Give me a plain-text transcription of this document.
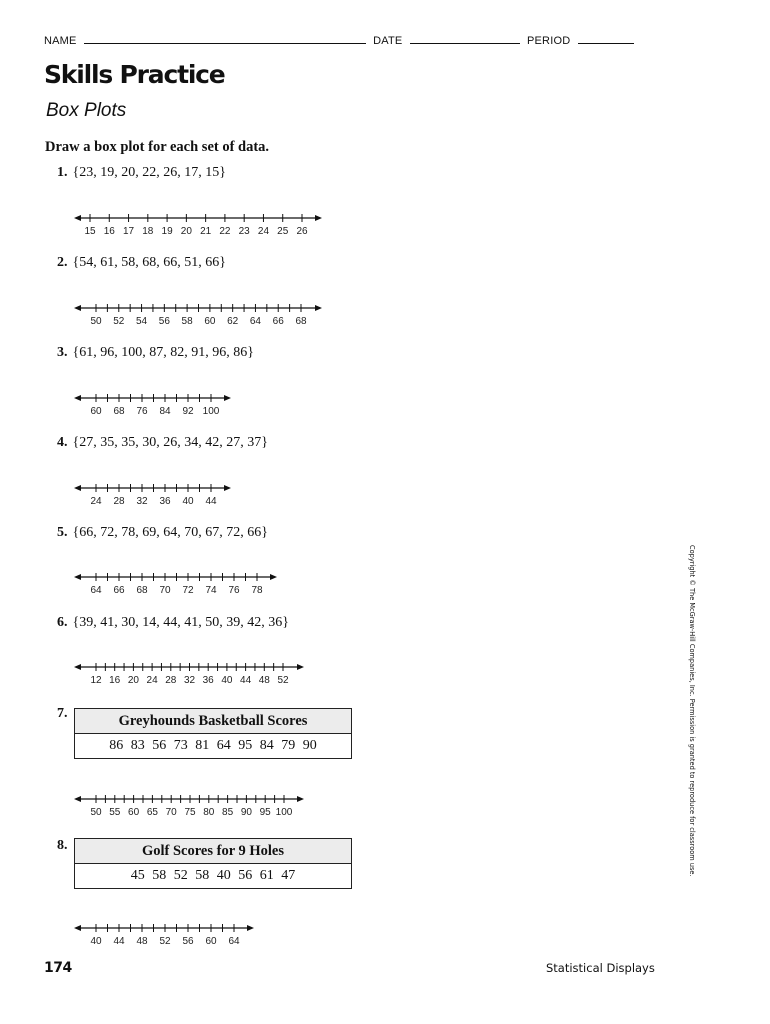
NAME	DATE	PERIOD
Skills Practice
Box Plots
Draw a box plot for each set of data.
1. {23, 19, 20, 22, 26, 17, 15}
15 16 17 18 19 20 21 22 23 24 25 26
2. {54, 61, 58, 68, 66, 51, 66}
50 52 54 56 58 60 62 64 66 68
3. {61, 96, 100, 87, 82, 91, 96, 86}
60 68 76 84 92 100
4. {27, 35, 35, 30, 26, 34, 42, 27, 37}
24 28 32 36 40 44
5. {66, 72, 78, 69, 64, 70, 67, 72, 66}
64 66 68 70 72 74 76 78
6. {39, 41, 30, 14, 44, 41, 50, 39, 42, 36}
12 16 20 24 28 32 36 40 44 48 52
7.	Greyhounds Basketball Scores
86 83 56 73 81 64 95 84 79 90
50 55 60 65 70 75 80 85 90 95 100
8.	Golf Scores for 9 Holes
45 58 52 58 40 56 61 47
40 44 48 52 56 60 64
Copyright © The McGraw-Hill Companies, Inc. Permission is granted to reproduce for classroom use.
174	Statistical Displays
